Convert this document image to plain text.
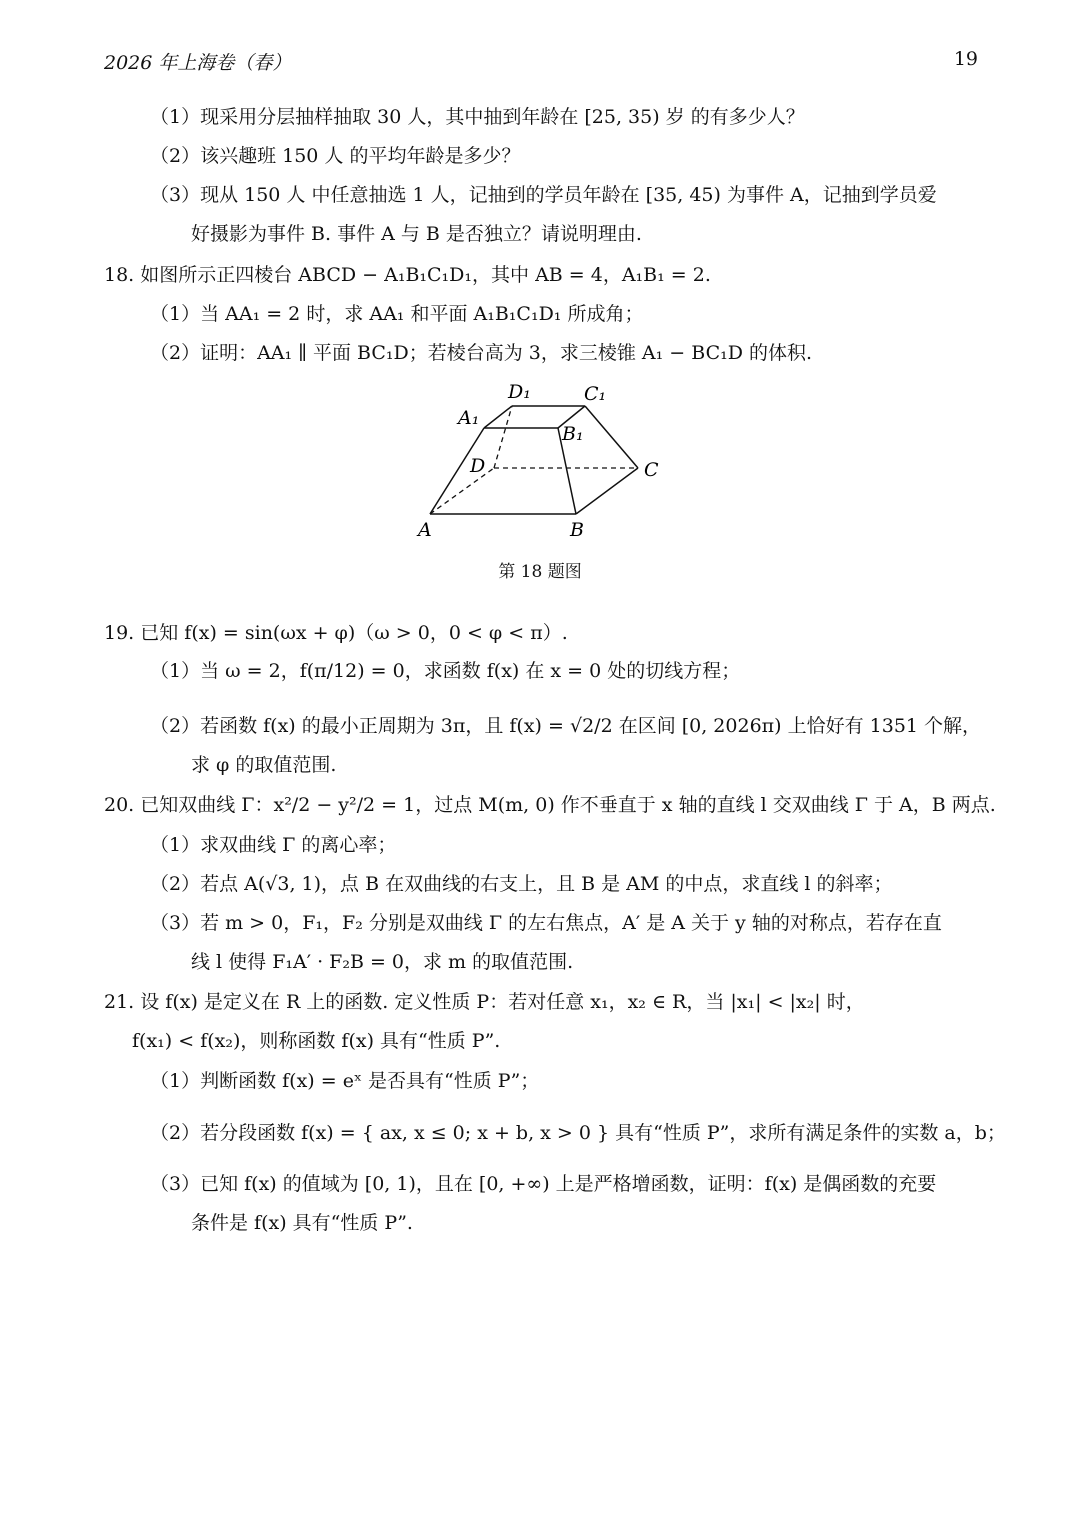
2026 年上海卷（春）	19
（1）现采用分层抽样抽取 30 人，其中抽到年龄在 [25, 35) 岁 的有多少人？
（2）该兴趣班 150 人 的平均年龄是多少？
（3）现从 150 人 中任意抽选 1 人，记抽到的学员年龄在 [35, 45) 为事件 A，记抽到学员爱
好摄影为事件 B. 事件 A 与 B 是否独立？请说明理由.
18. 如图所示正四棱台 ABCD − A₁B₁C₁D₁，其中 AB = 4，A₁B₁ = 2.
（1）当 AA₁ = 2 时，求 AA₁ 和平面 A₁B₁C₁D₁ 所成角；
（2）证明：AA₁ ∥ 平面 BC₁D；若棱台高为 3，求三棱锥 A₁ − BC₁D 的体积.
19. 已知 f(x) = sin(ωx + φ)（ω > 0，0 < φ < π）.
（1）当 ω = 2，f(π/12) = 0，求函数 f(x) 在 x = 0 处的切线方程；
（2）若函数 f(x) 的最小正周期为 3π，且 f(x) = √2/2 在区间 [0, 2026π) 上恰好有 1351 个解，
求 φ 的取值范围.
20. 已知双曲线 Γ：x²/2 − y²/2 = 1，过点 M(m, 0) 作不垂直于 x 轴的直线 l 交双曲线 Γ 于 A，B 两点.
（1）求双曲线 Γ 的离心率；
（2）若点 A(√3, 1)，点 B 在双曲线的右支上，且 B 是 AM 的中点，求直线 l 的斜率；
（3）若 m > 0，F₁，F₂ 分别是双曲线 Γ 的左右焦点，A′ 是 A 关于 y 轴的对称点，若存在直
线 l 使得 F₁A′ · F₂B = 0，求 m 的取值范围.
21. 设 f(x) 是定义在 R 上的函数. 定义性质 P：若对任意 x₁，x₂ ∈ R，当 |x₁| < |x₂| 时，
f(x₁) < f(x₂)，则称函数 f(x) 具有“性质 P”.
（1）判断函数 f(x) = eˣ 是否具有“性质 P”；
（2）若分段函数 f(x) = { ax, x ≤ 0; x + b, x > 0 } 具有“性质 P”，求所有满足条件的实数 a，b；
（3）已知 f(x) 的值域为 [0, 1)，且在 [0, +∞) 上是严格增函数，证明：f(x) 是偶函数的充要
条件是 f(x) 具有“性质 P”.
A	B
C
D
A₁
B₁
C₁
D₁
第 18 题图
